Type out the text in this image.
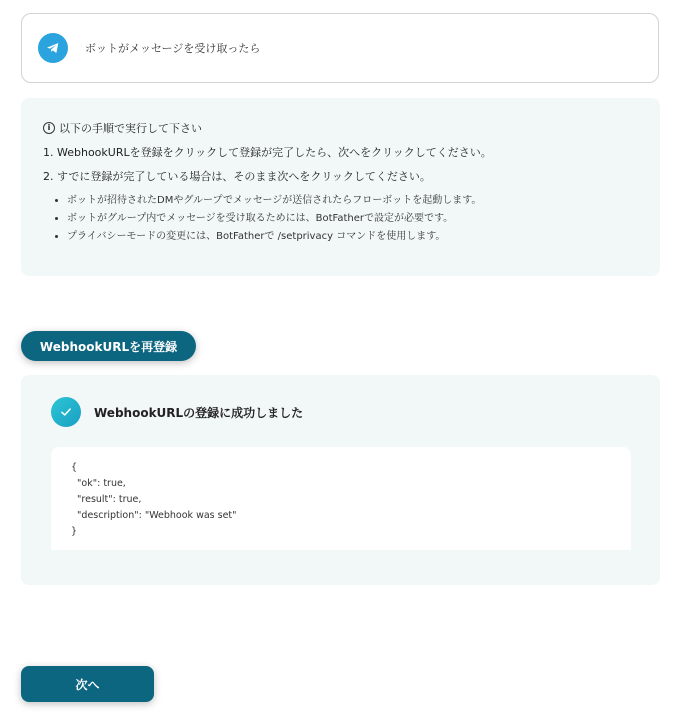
ボットがメッセージを受け取ったら
i 以下の手順で実行して下さい
1. WebhookURLを登録をクリックして登録が完了したら、次へをクリックしてください。
2. すでに登録が完了している場合は、そのまま次へをクリックしてください。
• ボットが招待されたDMやグループでメッセージが送信されたらフローボットを起動します。
• ボットがグループ内でメッセージを受け取るためには、BotFatherで設定が必要です。
• プライバシーモードの変更には、BotFatherで /setprivacy コマンドを使用します。
WebhookURLを再登録
WebhookURLの登録に成功しました
{
"ok": true,
"result": true,
"description": "Webhook was set"
}
次へ
